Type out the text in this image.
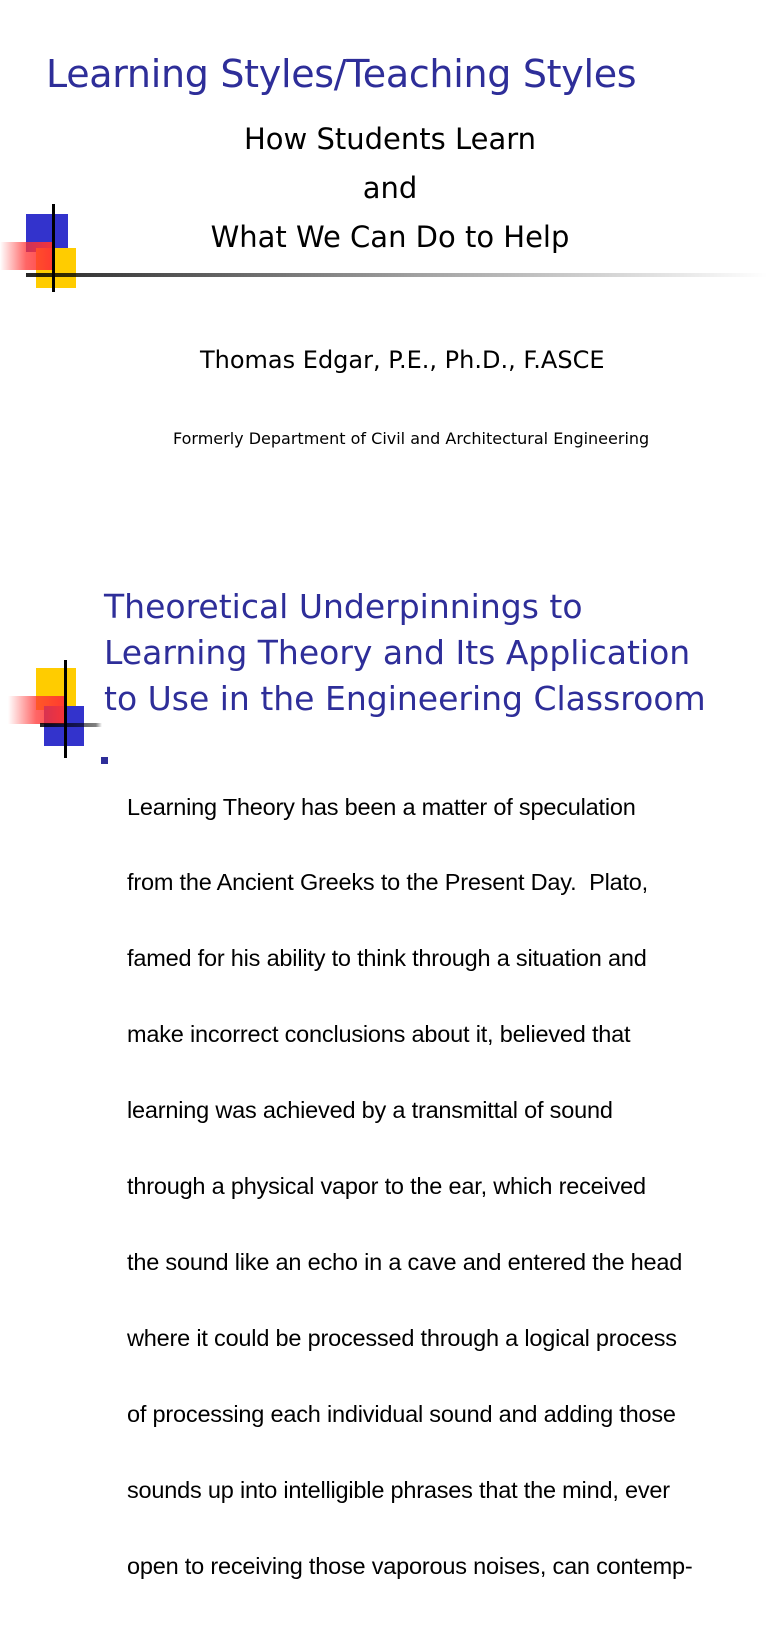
Learning Styles/Teaching Styles
How Students Learn
and
What We Can Do to Help
Thomas Edgar, P.E., Ph.D., F.ASCE
Formerly Department of Civil and Architectural Engineering
Theoretical Underpinnings to
Learning Theory and Its Application
to Use in the Engineering Classroom

Learning Theory has been a matter of speculation

from the Ancient Greeks to the Present Day.  Plato,

famed for his ability to think through a situation and

make incorrect conclusions about it, believed that

learning was achieved by a transmittal of sound

through a physical vapor to the ear, which received

the sound like an echo in a cave and entered the head

where it could be processed through a logical process

of processing each individual sound and adding those

sounds up into intelligible phrases that the mind, ever

open to receiving those vaporous noises, can contemp-
